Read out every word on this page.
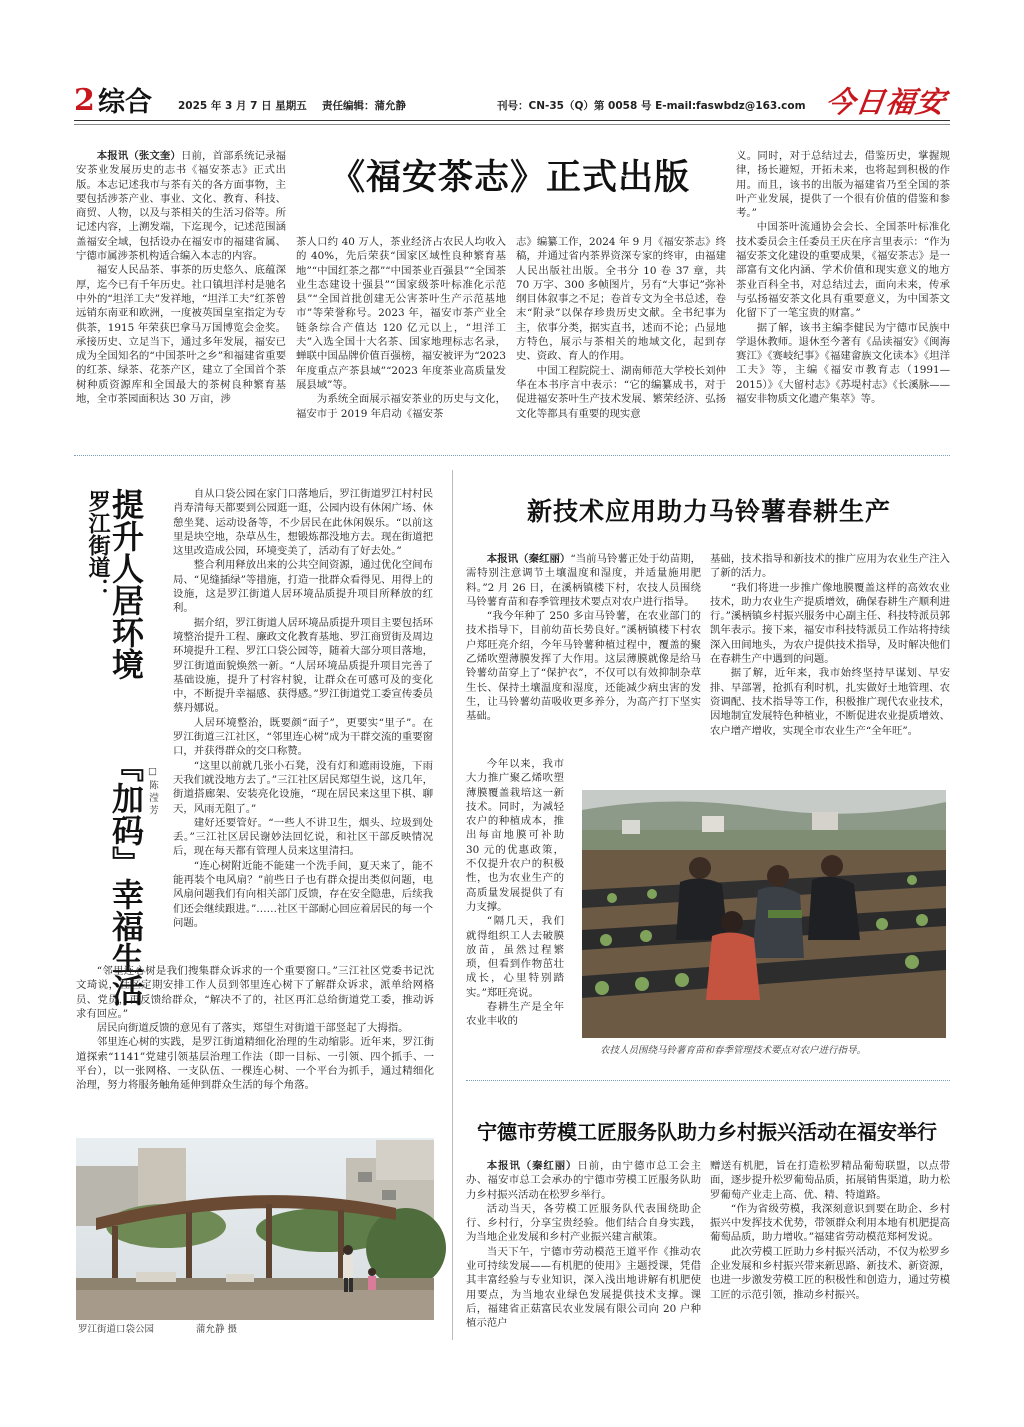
2 综合 2025 年 3 月 7 日 星期五 责任编辑：蒲允静	刊号：CN-35（Q）第 0058 号 E-mail:faswbdz@163.com 今日福安
《福安茶志》正式出版

本报讯（张文奎）日前，首部系统记录福安茶业发展历史的志书《福安茶志》正式出版。本志记述我市与茶有关的各方面事物，主要包括涉茶产业、事业、文化、教育、科技、商贸、人物，以及与茶相关的生活习俗等。所记述内容，上溯发端，下迄现今，记述范围涵盖福安全域，包括设办在福安市的福建省属、宁德市属涉茶机构适合编入本志的内容。

福安人民品茶、事茶的历史悠久、底蕴深厚，迄今已有千年历史。社口镇坦洋村是驰名中外的“坦洋工夫”发祥地，“坦洋工夫”红茶曾远销东南亚和欧洲，一度被英国皇室指定为专供茶，1915 年荣获巴拿马万国博览会金奖。承接历史、立足当下，通过多年发展，福安已成为全国知名的“中国茶叶之乡”和福建省重要的红茶、绿茶、花茶产区，建立了全国首个茶树种质资源库和全国最大的茶树良种繁育基地，全市茶园面积达 30 万亩，涉

茶人口约 40 万人，茶业经济占农民人均收入的 40%，先后荣获“国家区域性良种繁育基地”“中国红茶之都”“中国茶业百强县”“全国茶业生态建设十强县”“国家级茶叶标准化示范县”“全国首批创建无公害茶叶生产示范基地市”等荣誉称号。2023 年，福安市茶产业全链条综合产值达 120 亿元以上，“坦洋工夫”入选全国十大名茶、国家地理标志名录，蝉联中国品牌价值百强榜，福安被评为“2023 年度重点产茶县域”“2023 年度茶业高质量发展县域”等。

为系统全面展示福安茶业的历史与文化，福安市于 2019 年启动《福安茶

志》编纂工作，2024 年 9 月《福安茶志》终稿，并通过省内茶界资深专家的终审，由福建人民出版社出版。全书分 10 卷 37 章，共 70 万字、300 多帧图片，另有“大事记”弥补纲目体叙事之不足；卷首专文为全书总述，卷末“附录”以保存珍贵历史文献。全书纪事为主，依事分类，据实直书，述而不论；凸显地方特色，展示与茶相关的地域文化，起到存史、资政、育人的作用。

中国工程院院士、湖南师范大学校长刘仲华在本书序言中表示：“它的编纂成书，对于促进福安茶叶生产技术发展、繁荣经济、弘扬文化等都具有重要的现实意

义。同时，对于总结过去，借鉴历史，掌握规律，扬长避短，开拓未来，也将起到积极的作用。而且，该书的出版为福建省乃至全国的茶叶产业发展，提供了一个很有价值的借鉴和参考。”

中国茶叶流通协会会长、全国茶叶标准化技术委员会主任委员王庆在序言里表示：“作为福安茶文化建设的重要成果，《福安茶志》是一部富有文化内涵、学术价值和现实意义的地方茶业百科全书，对总结过去，面向未来，传承与弘扬福安茶文化具有重要意义，为中国茶文化留下了一笔宝贵的财富。”

据了解，该书主编李健民为宁德市民族中学退休教师。退休至今著有《品读福安》《闽海赛江》《赛岐纪事》《福建畲族文化读本》《坦洋工夫》等，主编《福安市教育志（1991—2015）》《大留村志》《苏堤村志》《长溪脉——福安非物质文化遗产集萃》等。

罗江街道：
提升人居环境
『加码』幸福生活 □ 陈 滢 芳

自从口袋公园在家门口落地后，罗江街道罗江村村民肖寿清每天都要到公园逛一逛，公园内设有休闲广场、休憩坐凳、运动设备等，不少居民在此休闲娱乐。“以前这里是块空地，杂草丛生，想锻炼都没地方去。现在街道把这里改造成公园，环境变美了，活动有了好去处。”

整合利用释放出来的公共空间资源，通过优化空间布局、“见缝插绿”等措施，打造一批群众看得见、用得上的设施，这是罗江街道人居环境品质提升项目所释放的红利。

据介绍，罗江街道人居环境品质提升项目主要包括环境整治提升工程、廉政文化教育基地、罗江商贸街及周边环境提升工程、罗江口袋公园等，随着大部分项目落地，罗江街道面貌焕然一新。“人居环境品质提升项目完善了基础设施，提升了村容村貌，让群众在可感可及的变化中，不断提升幸福感、获得感。”罗江街道党工委宣传委员蔡丹娜说。

人居环境整治，既要颜“面子”，更要实“里子”。在罗江街道三江社区，“邻里连心树”成为干群交流的重要窗口，并获得群众的交口称赞。

“这里以前就几张小石凳，没有灯和遮雨设施，下雨天我们就没地方去了。”三江社区居民郑望生说，这几年，街道搭廊架、安装亮化设施，“现在居民来这里下棋、聊天，风雨无阻了。”

建好还要管好。“一些人不讲卫生，烟头、垃圾到处丢。”三江社区居民谢妙法回忆说，和社区干部反映情况后，现在每天都有管理人员来这里清扫。

“连心树附近能不能建一个洗手间，夏天来了，能不能再装个电风扇？”前些日子也有群众提出类似问题，电风扇问题我们有向相关部门反馈，存在安全隐患，后续我们还会继续跟进。”……社区干部耐心回应着居民的每一个问题。

“邻里连心树是我们搜集群众诉求的一个重要窗口。”三江社区党委书记沈文琦说，社区定期安排工作人员到邻里连心树下了解群众诉求，派单给网格员、党员，再反馈给群众，“解决不了的，社区再汇总给街道党工委，推动诉求有回应。”

居民向街道反馈的意见有了落实，郑望生对街道干部竖起了大拇指。

邻里连心树的实践，是罗江街道精细化治理的生动缩影。近年来，罗江街道探索“1141”党建引领基层治理工作法（即一目标、一引领、四个抓手、一平台），以一张网格、一支队伍、一棵连心树、一个平台为抓手，通过精细化治理，努力将服务触角延伸到群众生活的每个角落。

罗江街道口袋公园	蒲允静 摄
新技术应用助力马铃薯春耕生产

本报讯（秦红丽）“当前马铃薯正处于幼苗期，需特别注意调节土壤温度和湿度，并适量施用肥料。”2 月 26 日，在溪柄镇楼下村，农技人员围绕马铃薯育苗和春季管理技术要点对农户进行指导。

“我今年种了 250 多亩马铃薯，在农业部门的技术指导下，目前幼苗长势良好。”溪柄镇楼下村农户郑旺亮介绍，今年马铃薯种植过程中，覆盖的聚乙烯吹塑薄膜发挥了大作用。这层薄膜就像是给马铃薯幼苗穿上了“保护衣”，不仅可以有效抑制杂草生长、保持土壤温度和湿度，还能减少病虫害的发生，让马铃薯幼苗吸收更多养分，为高产打下坚实基础。

今年以来，我市大力推广聚乙烯吹塑薄膜覆盖栽培这一新技术。同时，为减轻农户的种植成本，推出每亩地膜可补助 30 元的优惠政策，不仅提升农户的积极性，也为农业生产的高质量发展提供了有力支撑。

“隔几天，我们就得组织工人去破膜放苗，虽然过程繁琐，但看到作物茁壮成长，心里特别踏实。”郑旺亮说。

春耕生产是全年农业丰收的

基础，技术指导和新技术的推广应用为农业生产注入了新的活力。

“我们将进一步推广像地膜覆盖这样的高效农业技术，助力农业生产提质增效，确保春耕生产顺利进行。”溪柄镇乡村振兴服务中心副主任、科技特派员郭凯年表示。接下来，福安市科技特派员工作站将持续深入田间地头，为农户提供技术指导，及时解决他们在春耕生产中遇到的问题。

据了解，近年来，我市始终坚持早谋划、早安排、早部署，抢抓有利时机，扎实做好土地管理、农资调配、技术指导等工作，积极推广现代农业技术，因地制宜发展特色种植业，不断促进农业提质增效、农户增产增收，实现全市农业生产“全年旺”。

农技人员围绕马铃薯育苗和春季管理技术要点对农户进行指导。
宁德市劳模工匠服务队助力乡村振兴活动在福安举行

本报讯（秦红丽）日前，由宁德市总工会主办、福安市总工会承办的宁德市劳模工匠服务队助力乡村振兴活动在松罗乡举行。

活动当天，各劳模工匠服务队代表围绕助企行、乡村行，分享宝贵经验。他们结合自身实践，为当地企业发展和乡村产业振兴建言献策。

当天下午，宁德市劳动模范王道平作《推动农业可持续发展——有机肥的使用》主题授课，凭借其丰富经验与专业知识，深入浅出地讲解有机肥使用要点，为当地农业绿色发展提供技术支撑。课后，福建省正菇富民农业发展有限公司向 20 户种植示范户

赠送有机肥，旨在打造松罗精品葡萄联盟，以点带面，逐步提升松罗葡萄品质，拓展销售渠道，助力松罗葡萄产业走上高、优、精、特道路。

“作为省级劳模，我深刻意识到要在助企、乡村振兴中发挥技术优势，带领群众利用本地有机肥提高葡萄品质，助力增收。”福建省劳动模范郑柯发说。

此次劳模工匠助力乡村振兴活动，不仅为松罗乡企业发展和乡村振兴带来新思路、新技术、新资源，也进一步激发劳模工匠的积极性和创造力，通过劳模工匠的示范引领，推动乡村振兴。
